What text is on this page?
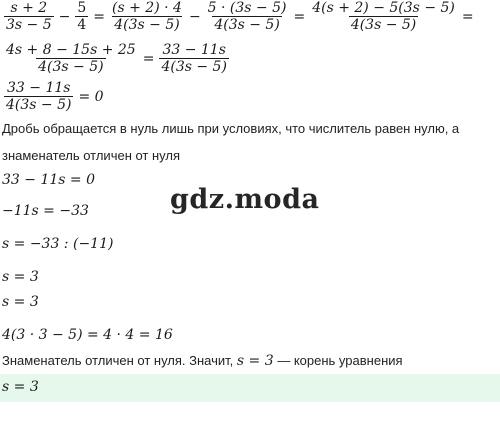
$\frac{s + 2}{3s - 5} - \frac{5}{4} = \frac{(s + 2) \cdot 4}{4(3s - 5)} - \frac{5 \cdot (3s - 5)}{4(3s - 5)} = \frac{4(s + 2) - 5(3s - 5)}{4(3s - 5)}$ =
$\frac{4s + 8 - 15s + 25}{4(3s - 5)} = \frac{33 - 11s}{4(3s - 5)}$
$\frac{33 - 11s}{4(3s - 5)} = 0$
Дробь обращается в нуль лишь при условиях, что числитель равен нулю, а
знаменатель отличен от нуля
gdz.moda
33 − 11s = 0
−11s = −33
s = −33 : (−11)
s = 3
s = 3
4(3 · 3 − 5) = 4 · 4 = 16
Знаменатель отличен от нуля. Значит, s = 3 — корень уравнения
s = 3
